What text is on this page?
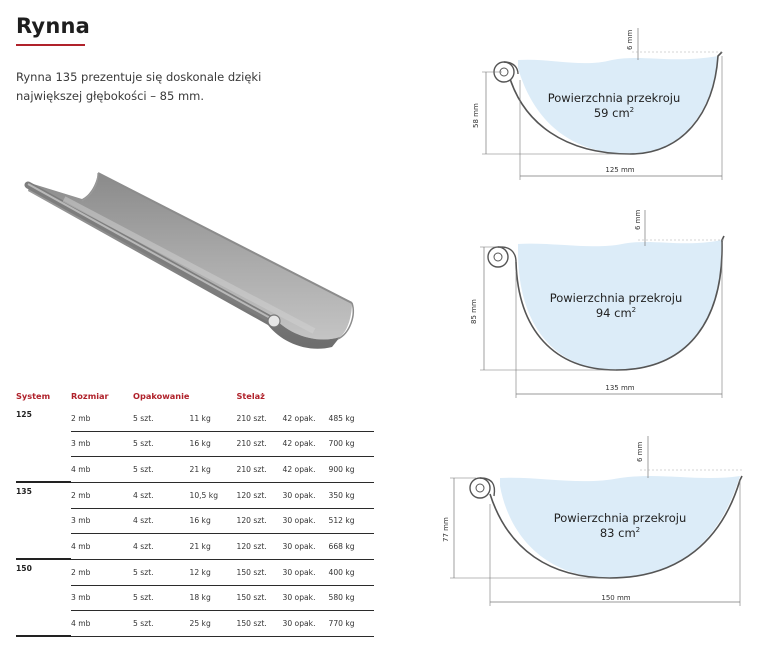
Rynna
Rynna 135 prezentuje się doskonale dzięki największej głębokości – 85 mm.
System	Rozmiar	Opakowanie		Stelaż		
125	2 mb	5 szt.	11 kg	210 szt.	42 opak.	485 kg
	3 mb	5 szt.	16 kg	210 szt.	42 opak.	700 kg
	4 mb	5 szt.	21 kg	210 szt.	42 opak.	900 kg
135	2 mb	4 szt.	10,5 kg	120 szt.	30 opak.	350 kg
	3 mb	4 szt.	16 kg	120 szt.	30 opak.	512 kg
	4 mb	4 szt.	21 kg	120 szt.	30 opak.	668 kg
150	2 mb	5 szt.	12 kg	150 szt.	30 opak.	400 kg
	3 mb	5 szt.	18 kg	150 szt.	30 opak.	580 kg
	4 mb	5 szt.	25 kg	150 szt.	30 opak.	770 kg
6 mm
58 mm
125 mm
Powierzchnia przekroju
59 $cm^2$
6 mm
85 mm
135 mm
Powierzchnia przekroju
94 $cm^2$
6 mm
77 mm
150 mm
Powierzchnia przekroju
83 $cm^2$
